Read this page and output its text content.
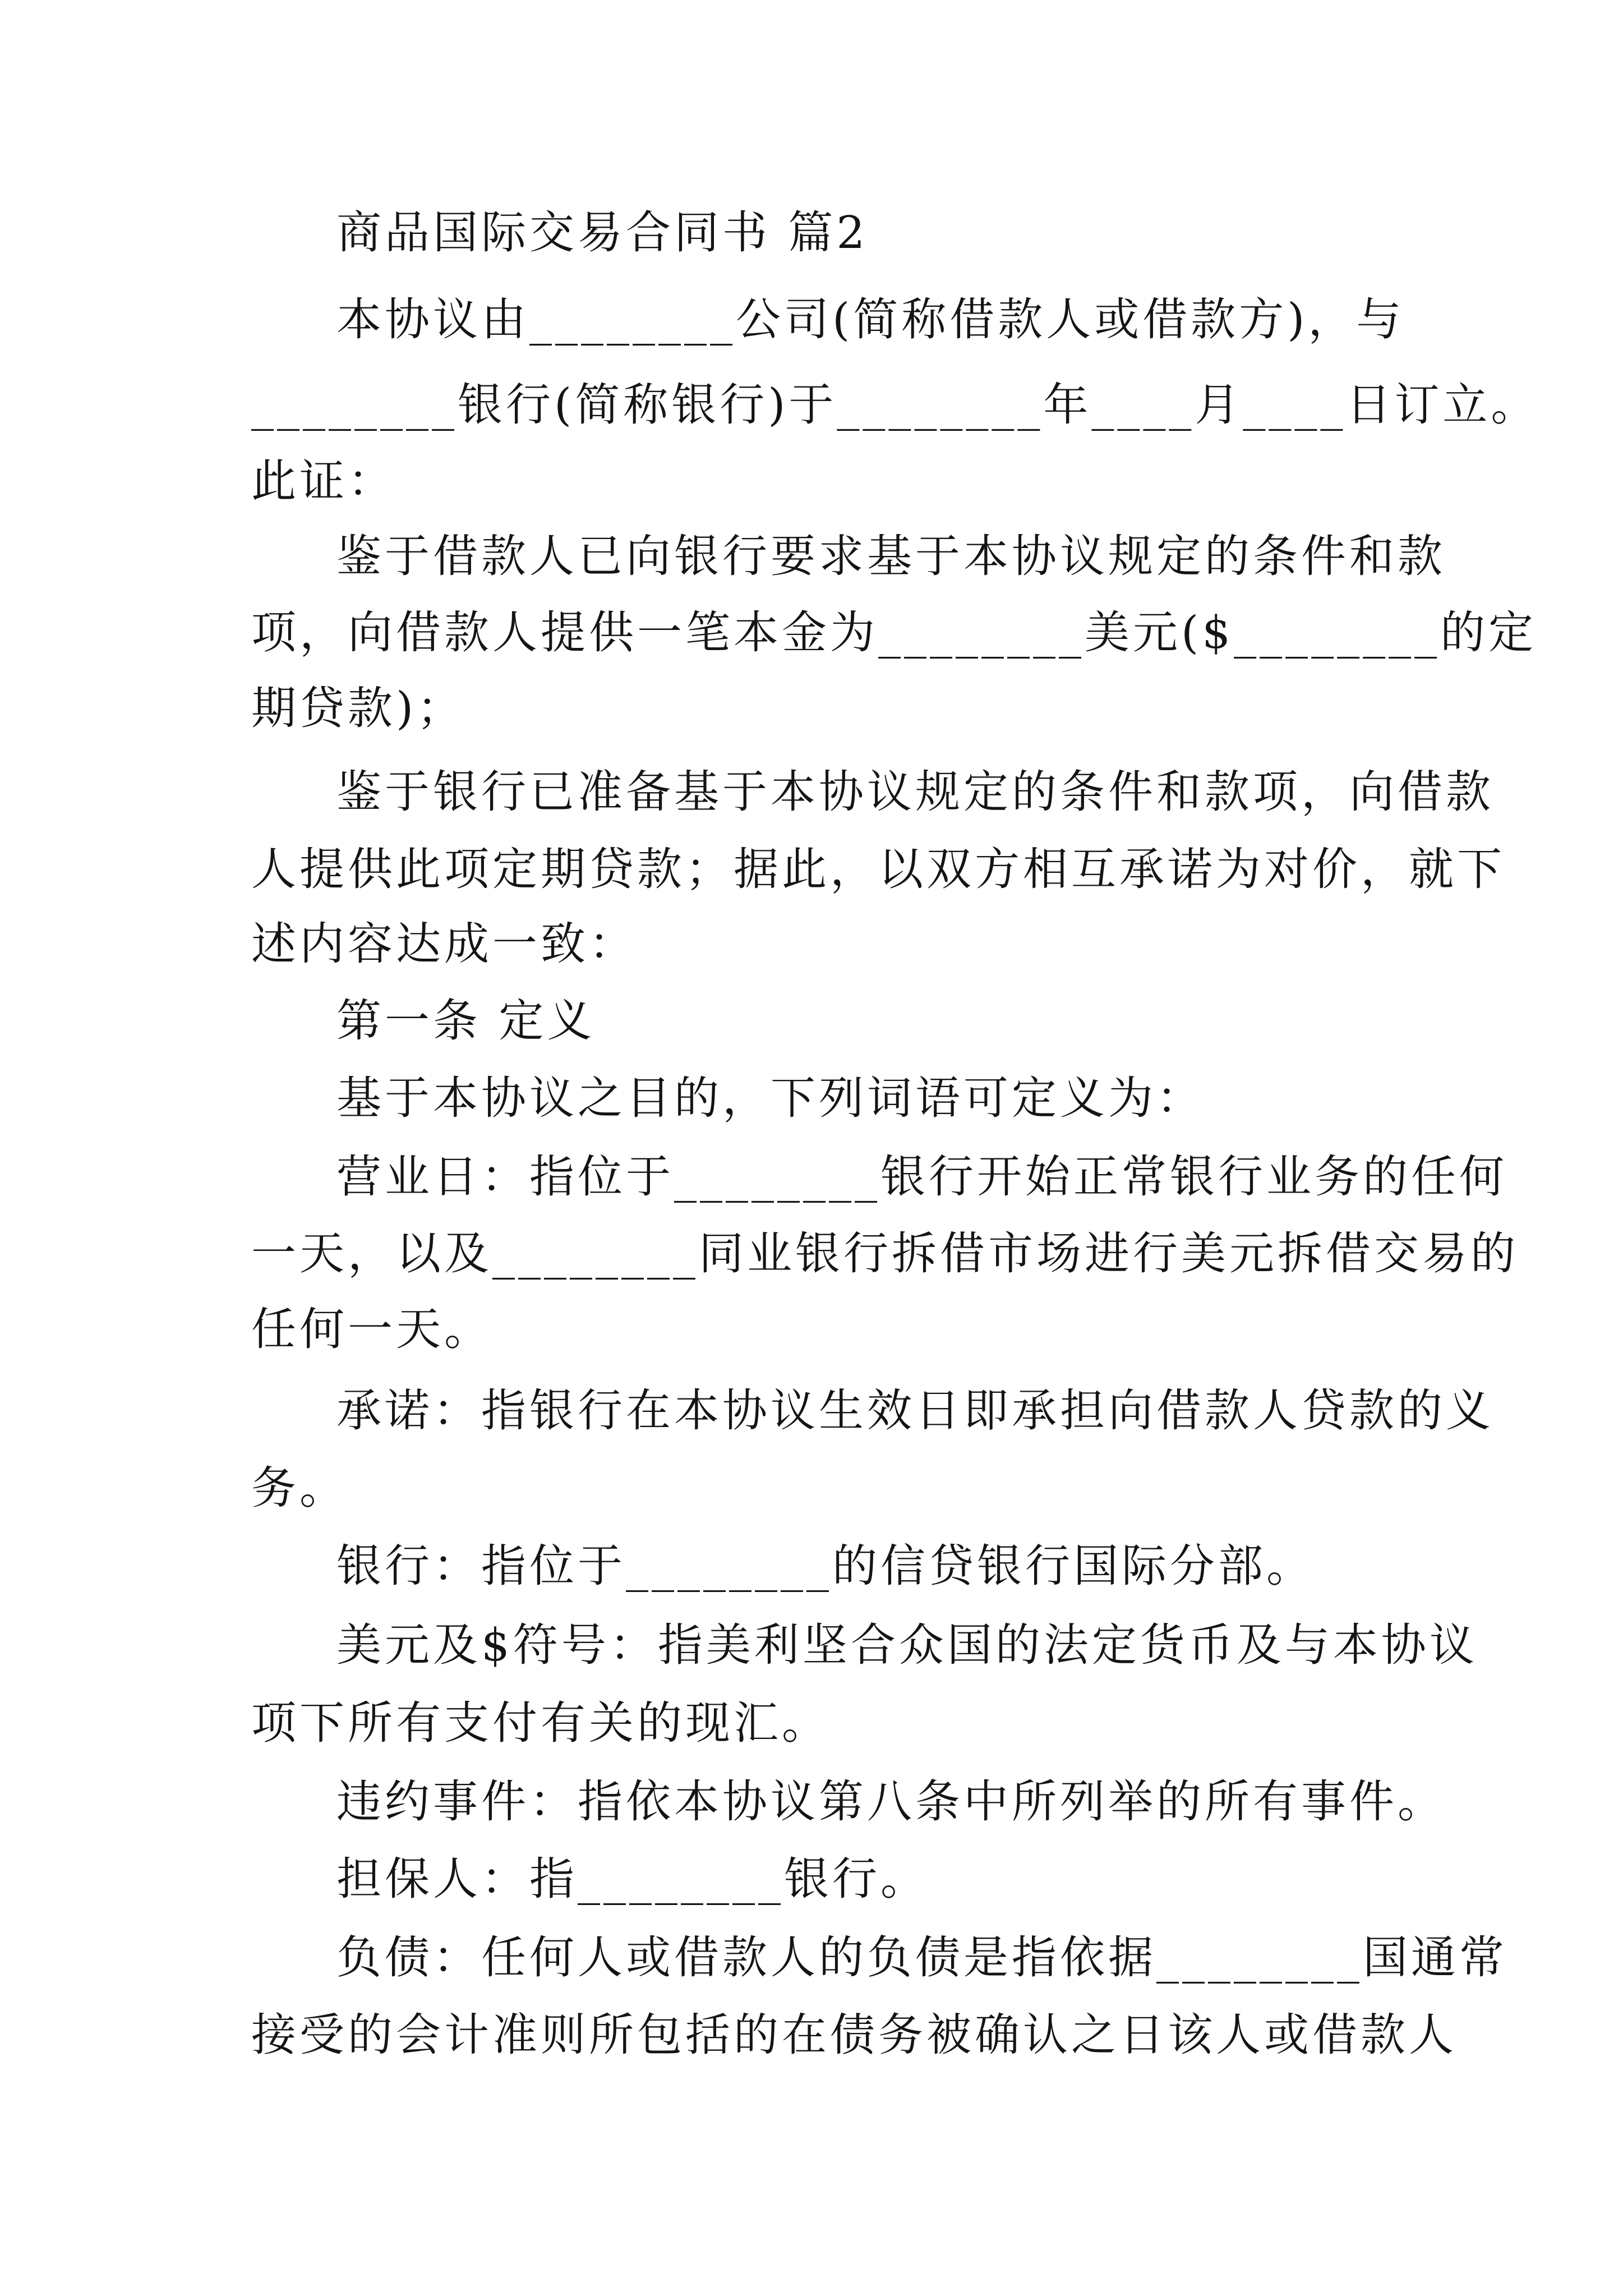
商品国际交易合同书 篇2
本协议由________公司(简称借款人或借款方)，与
________银行(简称银行)于________年____月____日订立。
此证：
鉴于借款人已向银行要求基于本协议规定的条件和款
项，向借款人提供一笔本金为________美元($________的定
期贷款)；
鉴于银行已准备基于本协议规定的条件和款项，向借款
人提供此项定期贷款；据此，以双方相互承诺为对价，就下
述内容达成一致：
第一条 定义
基于本协议之目的，下列词语可定义为：
营业日：指位于________银行开始正常银行业务的任何
一天，以及________同业银行拆借市场进行美元拆借交易的
任何一天。
承诺：指银行在本协议生效日即承担向借款人贷款的义
务。
银行：指位于________的信贷银行国际分部。
美元及$符号：指美利坚合众国的法定货币及与本协议
项下所有支付有关的现汇。
违约事件：指依本协议第八条中所列举的所有事件。
担保人：指________银行。
负债：任何人或借款人的负债是指依据________国通常
接受的会计准则所包括的在债务被确认之日该人或借款人
